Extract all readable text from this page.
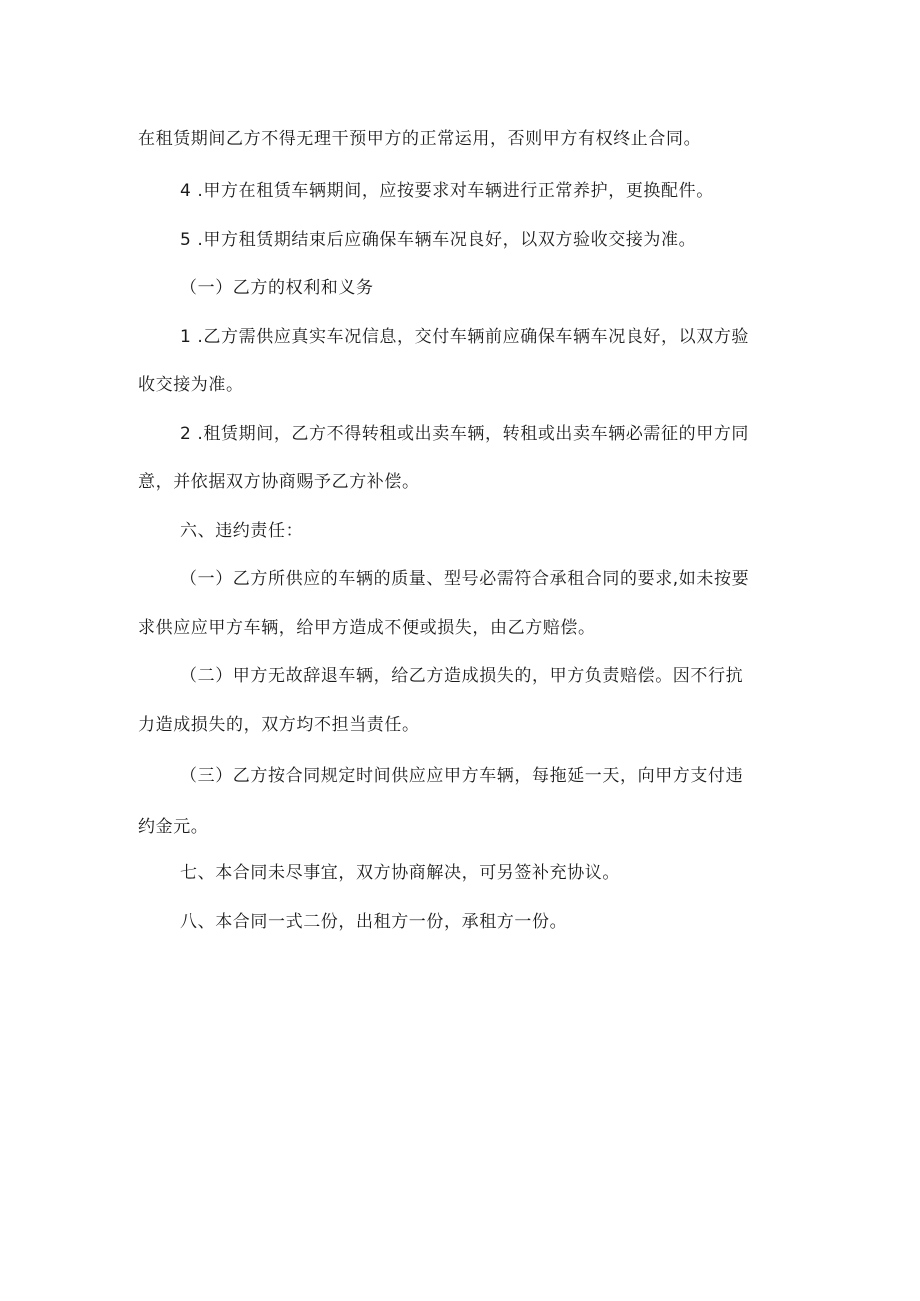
在租赁期间乙方不得无理干预甲方的正常运用，否则甲方有权终止合同。
4 .甲方在租赁车辆期间，应按要求对车辆进行正常养护，更换配件。
5 .甲方租赁期结束后应确保车辆车况良好，以双方验收交接为准。
（一）乙方的权利和义务
1 .乙方需供应真实车况信息，交付车辆前应确保车辆车况良好，以双方验
收交接为准。
2 .租赁期间，乙方不得转租或出卖车辆，转租或出卖车辆必需征的甲方同
意，并依据双方协商赐予乙方补偿。
六、违约责任：
（一）乙方所供应的车辆的质量、型号必需符合承租合同的要求,如未按要
求供应应甲方车辆，给甲方造成不便或损失，由乙方赔偿。
（二）甲方无故辞退车辆，给乙方造成损失的，甲方负责赔偿。因不行抗
力造成损失的，双方均不担当责任。
（三）乙方按合同规定时间供应应甲方车辆，每拖延一天，向甲方支付违
约金元。
七、本合同未尽事宜，双方协商解决，可另签补充协议。
八、本合同一式二份，出租方一份，承租方一份。
